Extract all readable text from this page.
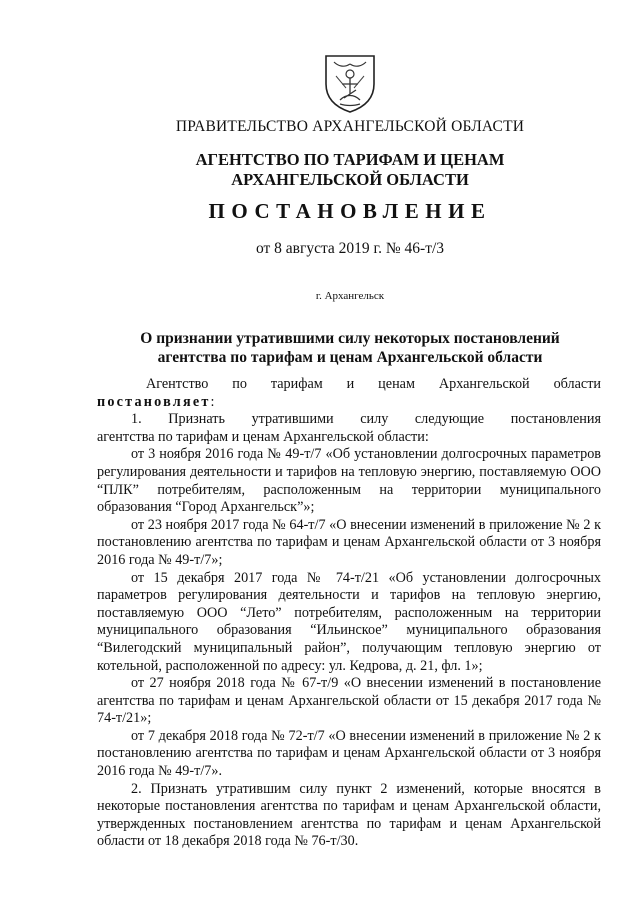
ПРАВИТЕЛЬСТВО АРХАНГЕЛЬСКОЙ ОБЛАСТИ
АГЕНТСТВО ПО ТАРИФАМ И ЦЕНАМ
АРХАНГЕЛЬСКОЙ ОБЛАСТИ
ПОСТАНОВЛЕНИЕ
от 8 августа 2019 г. № 46-т/3
г. Архангельск
О признании утратившими силу некоторых постановлений
агентства по тарифам и ценам Архангельской области

Агентство по тарифам и ценам Архангельской области

постановляет:

1. Признать утратившими силу следующие постановления

агентства по тарифам и ценам Архангельской области:

от 3 ноября 2016 года № 49-т/7 «Об установлении долгосрочных параметров регулирования деятельности и тарифов на тепловую энергию, поставляемую ООО “ПЛК” потребителям, расположенным на территории муниципального образования “Город Архангельск”»;

от 23 ноября 2017 года № 64-т/7 «О внесении изменений в приложение № 2 к постановлению агентства по тарифам и ценам Архангельской области от 3 ноября 2016 года № 49-т/7»;

от 15 декабря 2017 года № 74-т/21 «Об установлении долгосрочных параметров регулирования деятельности и тарифов на тепловую энергию, поставляемую ООО “Лето” потребителям, расположенным на территории муниципального образования “Ильинское” муниципального образования “Вилегодский муниципальный район”, получающим тепловую энергию от котельной, расположенной по адресу: ул. Кедрова, д. 21, фл. 1»;

от 27 ноября 2018 года № 67-т/9 «О внесении изменений в постановление агентства по тарифам и ценам Архангельской области от 15 декабря 2017 года № 74-т/21»;

от 7 декабря 2018 года № 72-т/7 «О внесении изменений в приложение № 2 к постановлению агентства по тарифам и ценам Архангельской области от 3 ноября 2016 года № 49-т/7».

2. Признать утратившим силу пункт 2 изменений, которые вносятся в некоторые постановления агентства по тарифам и ценам Архангельской области, утвержденных постановлением агентства по тарифам и ценам Архангельской области от 18 декабря 2018 года № 76-т/30.
